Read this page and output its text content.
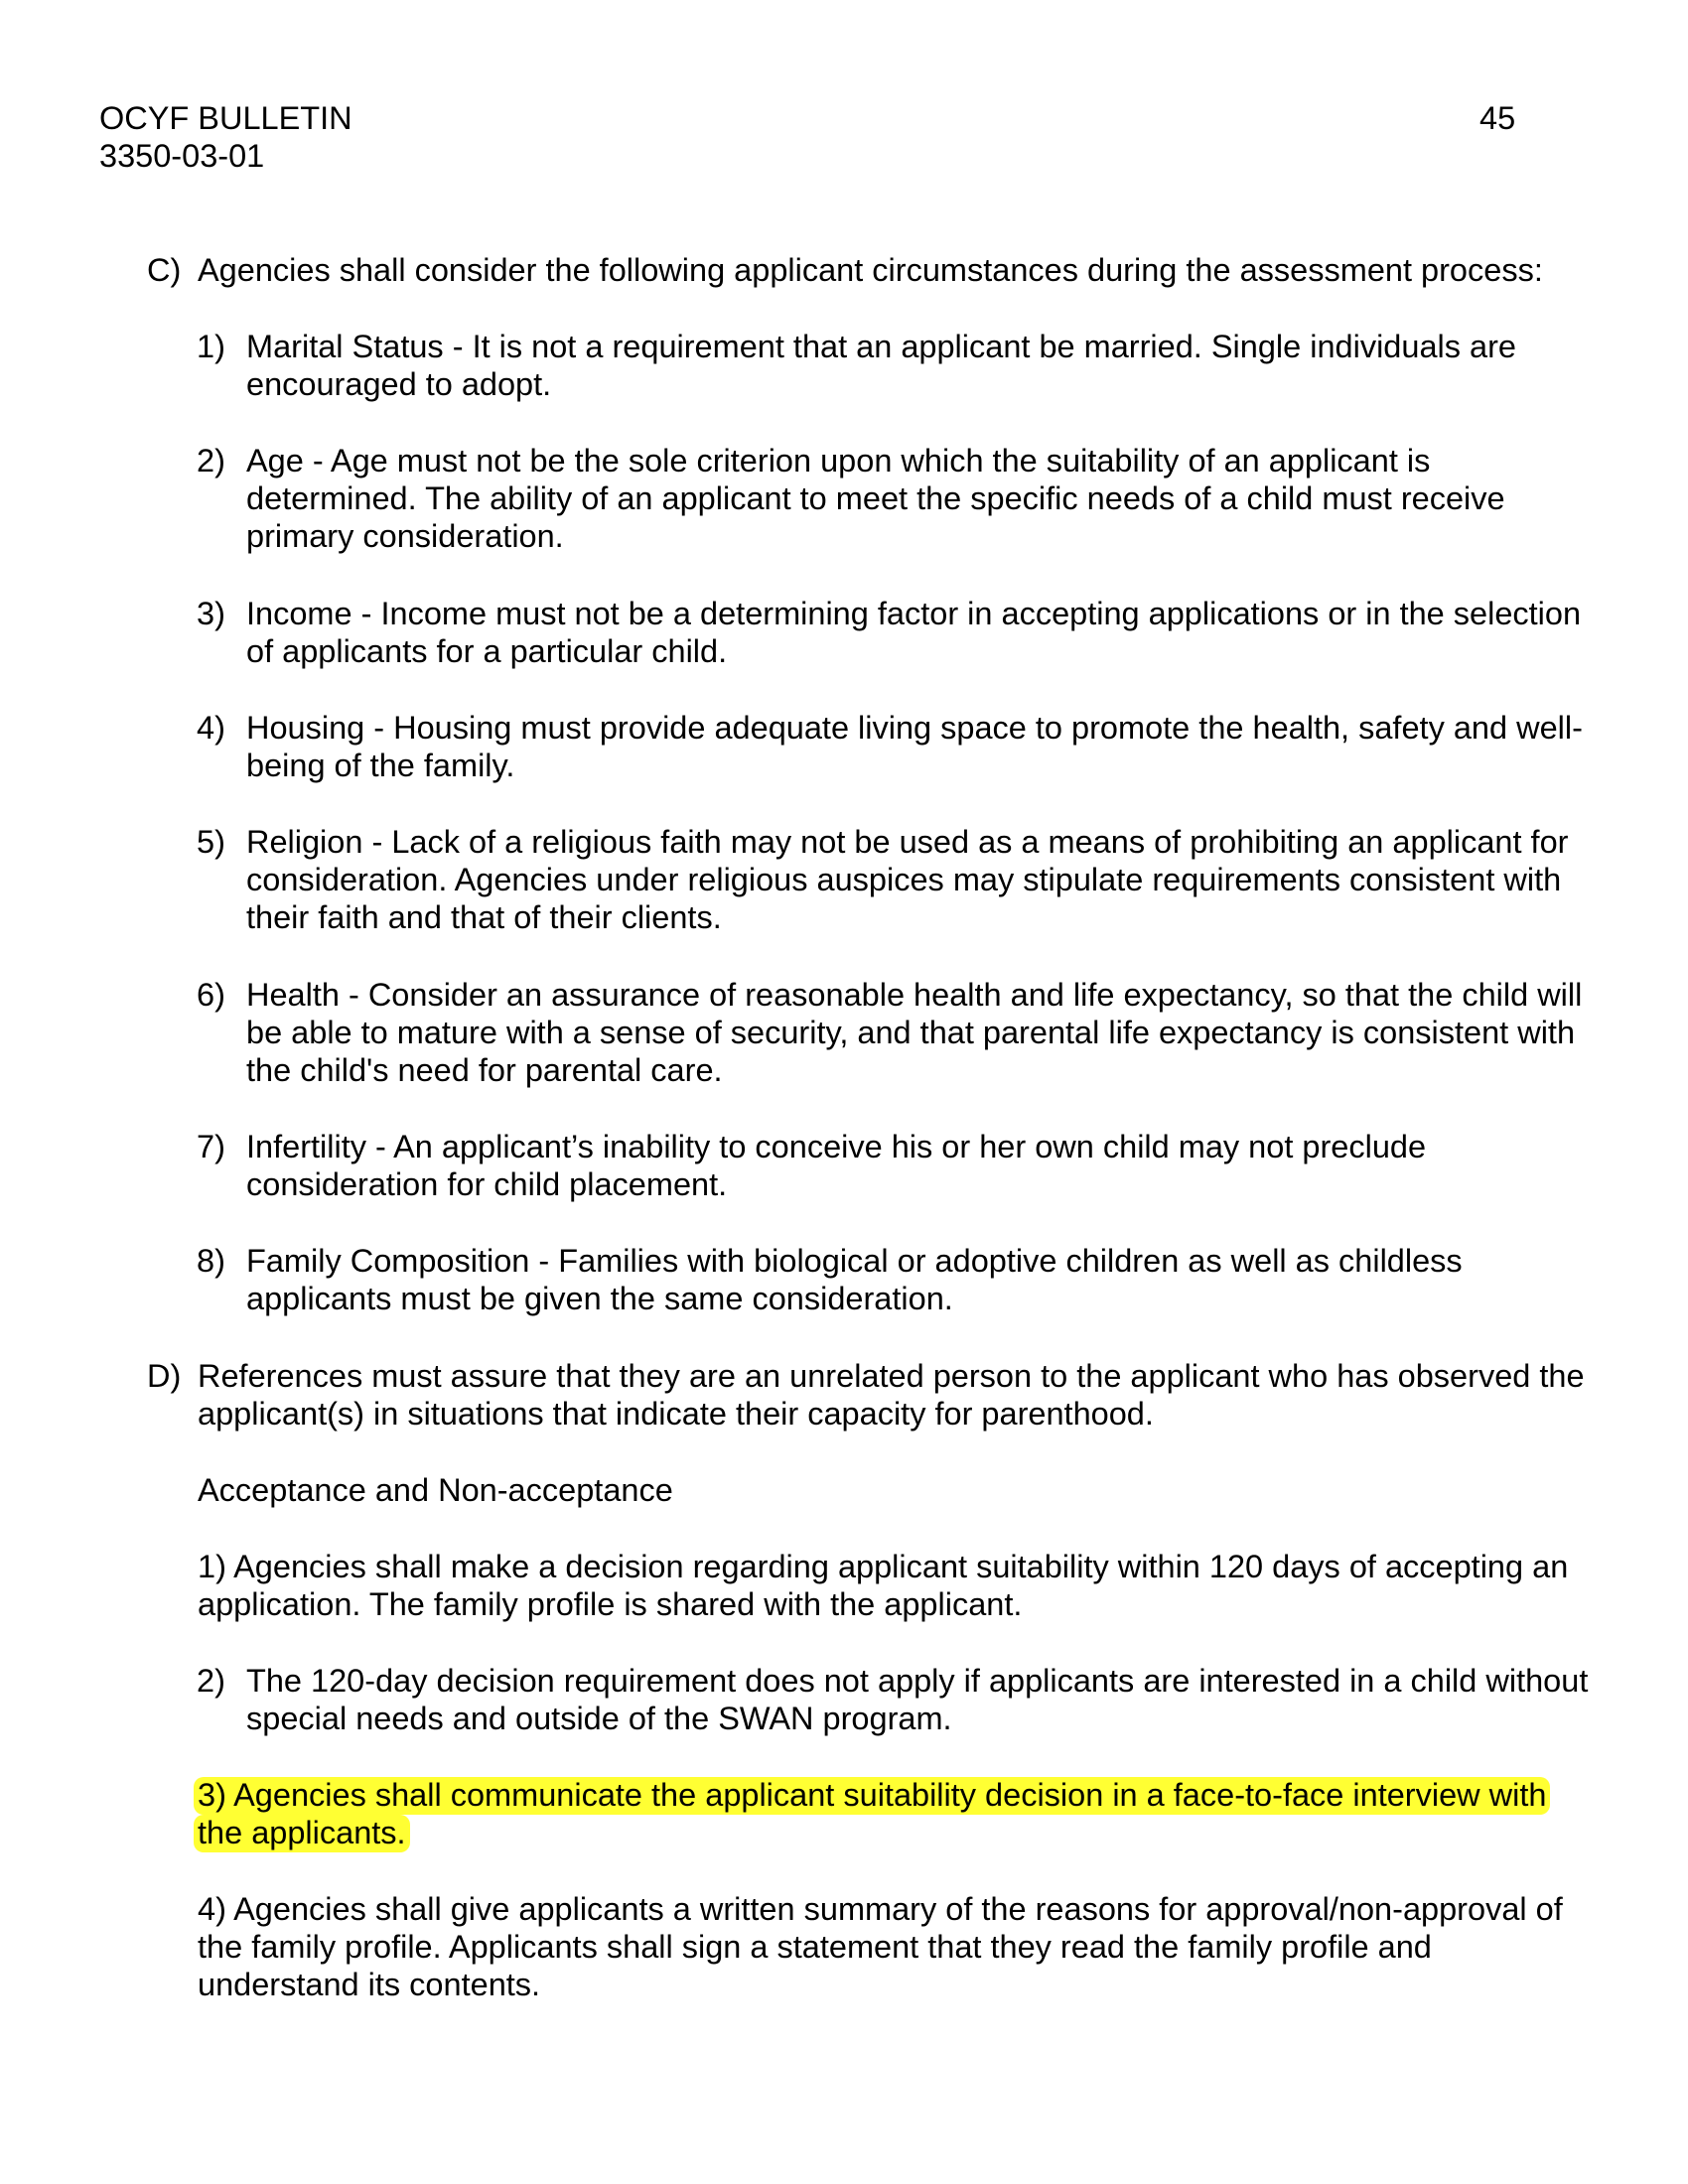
OCYF BULLETIN
3350-03-01
45
C) Agencies shall consider the following applicant circumstances during the assessment process:
1) Marital Status - It is not a requirement that an applicant be married. Single individuals are encouraged to adopt.
2) Age - Age must not be the sole criterion upon which the suitability of an applicant is determined. The ability of an applicant to meet the specific needs of a child must receive primary consideration.
3) Income - Income must not be a determining factor in accepting applications or in the selection of applicants for a particular child.
4) Housing - Housing must provide adequate living space to promote the health, safety and well-being of the family.
5) Religion - Lack of a religious faith may not be used as a means of prohibiting an applicant for consideration. Agencies under religious auspices may stipulate requirements consistent with their faith and that of their clients.
6) Health - Consider an assurance of reasonable health and life expectancy, so that the child will be able to mature with a sense of security, and that parental life expectancy is consistent with the child's need for parental care.
7) Infertility - An applicant’s inability to conceive his or her own child may not preclude consideration for child placement.
8) Family Composition - Families with biological or adoptive children as well as childless applicants must be given the same consideration.
D) References must assure that they are an unrelated person to the applicant who has observed the applicant(s) in situations that indicate their capacity for parenthood.
Acceptance and Non-acceptance
1) Agencies shall make a decision regarding applicant suitability within 120 days of accepting an application. The family profile is shared with the applicant.
2) The 120-day decision requirement does not apply if applicants are interested in a child without special needs and outside of the SWAN program.
3) Agencies shall communicate the applicant suitability decision in a face-to-face interview with the applicants.
4) Agencies shall give applicants a written summary of the reasons for approval/non-approval of the family profile. Applicants shall sign a statement that they read the family profile and understand its contents.
